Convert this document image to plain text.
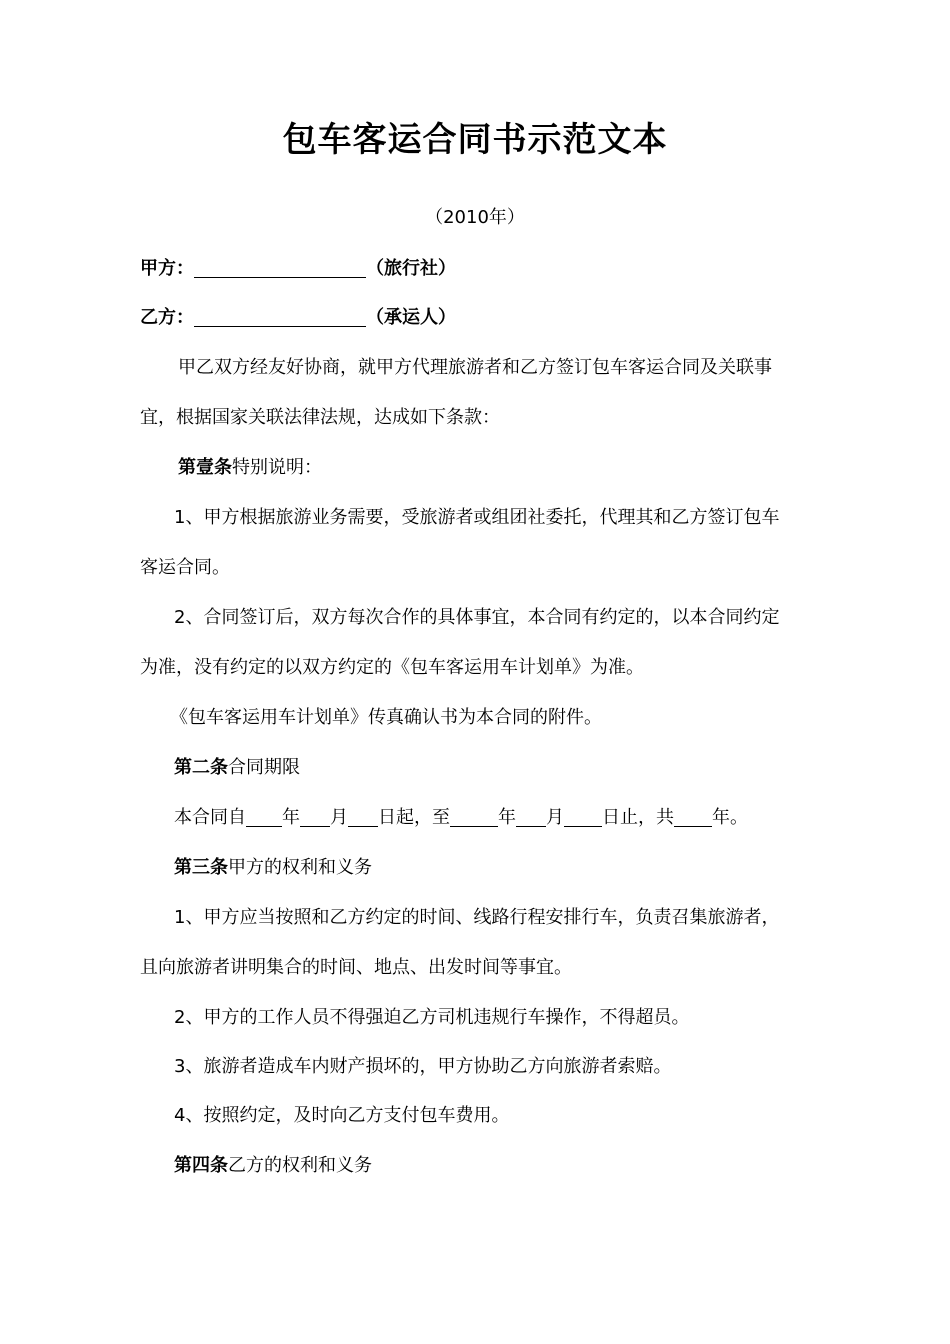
包车客运合同书示范文本
（2010年）
甲方：	（旅行社）
乙方：	（承运人）
甲乙双方经友好协商，就甲方代理旅游者和乙方签订包车客运合同及关联事
宜，根据国家关联法律法规，达成如下条款：
第壹条特别说明：
1、甲方根据旅游业务需要，受旅游者或组团社委托，代理其和乙方签订包车
客运合同。
2、合同签订后，双方每次合作的具体事宜，本合同有约定的，以本合同约定
为准，没有约定的以双方约定的《包车客运用车计划单》为准。
《包车客运用车计划单》传真确认书为本合同的附件。
第二条合同期限
本合同自 年 月 日起，至	年 月 日止，共 年。
第三条甲方的权利和义务
1、甲方应当按照和乙方约定的时间、线路行程安排行车，负责召集旅游者，
且向旅游者讲明集合的时间、地点、出发时间等事宜。
2、甲方的工作人员不得强迫乙方司机违规行车操作，不得超员。
3、旅游者造成车内财产损坏的，甲方协助乙方向旅游者索赔。
4、按照约定，及时向乙方支付包车费用。
第四条乙方的权利和义务
